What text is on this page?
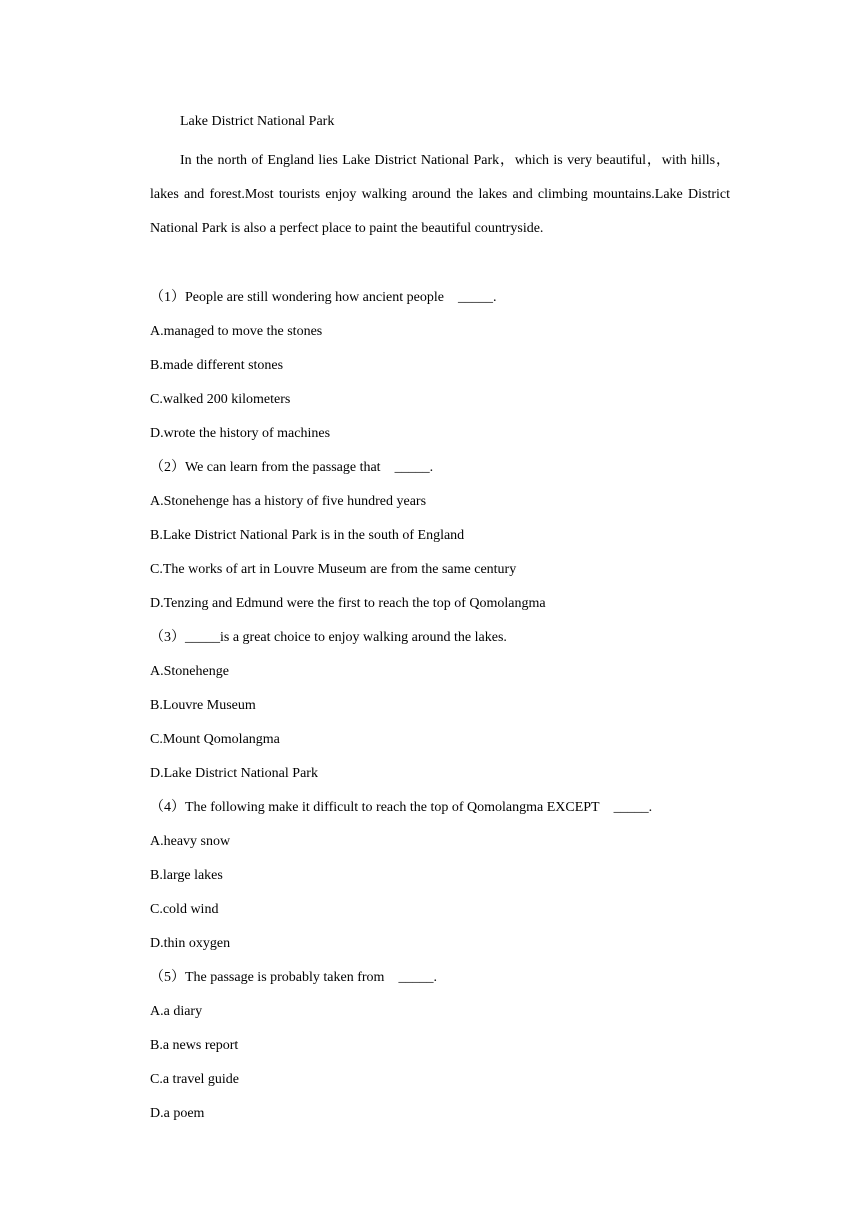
Lake District National Park

In the north of England lies Lake District National Park，which is very beautiful，with hills，lakes and forest.Most tourists enjoy walking around the lakes and climbing mountains.Lake District National Park is also a perfect place to paint the beautiful countryside.

（1） People are still wondering how ancient people _____.
A.managed to move the stones
B.made different stones
C.walked 200 kilometers
D.wrote the history of machines
（2） We can learn from the passage that _____.
A.Stonehenge has a history of five hundred years
B.Lake District National Park is in the south of England
C.The works of art in Louvre Museum are from the same century
D.Tenzing and Edmund were the first to reach the top of Qomolangma
（3） _____is a great choice to enjoy walking around the lakes.
A.Stonehenge
B.Louvre Museum
C.Mount Qomolangma
D.Lake District National Park
（4） The following make it difficult to reach the top of Qomolangma EXCEPT _____.
A.heavy snow
B.large lakes
C.cold wind
D.thin oxygen
（5） The passage is probably taken from _____.
A.a diary
B.a news report
C.a travel guide
D.a poem
